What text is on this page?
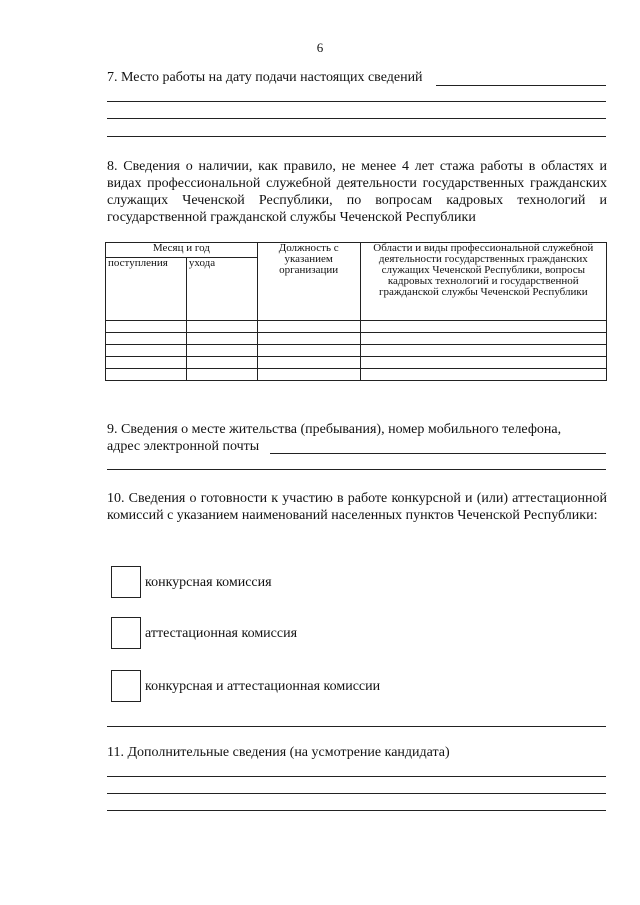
6
7. Место работы на дату подачи настоящих сведений
8. Сведения о наличии, как правило, не менее 4 лет стажа работы в областях и видах профессиональной служебной деятельности государственных гражданских служащих Чеченской Республики, по вопросам кадровых технологий и государственной гражданской службы Чеченской Республики
Месяц и год		Должность с указанием организации	Области и виды профессиональной служебной деятельности государственных гражданских служащих Чеченской Республики, вопросы кадровых технологий и государственной гражданской службы Чеченской Республики
поступления	ухода		

9. Сведения о месте жительства (пребывания), номер мобильного телефона,
адрес электронной почты
10. Сведения о готовности к участию в работе конкурсной и (или) аттестационной комиссий с указанием наименований населенных пунктов Чеченской Республики:
конкурсная комиссия
аттестационная комиссия
конкурсная и аттестационная комиссии
11. Дополнительные сведения (на усмотрение кандидата)
